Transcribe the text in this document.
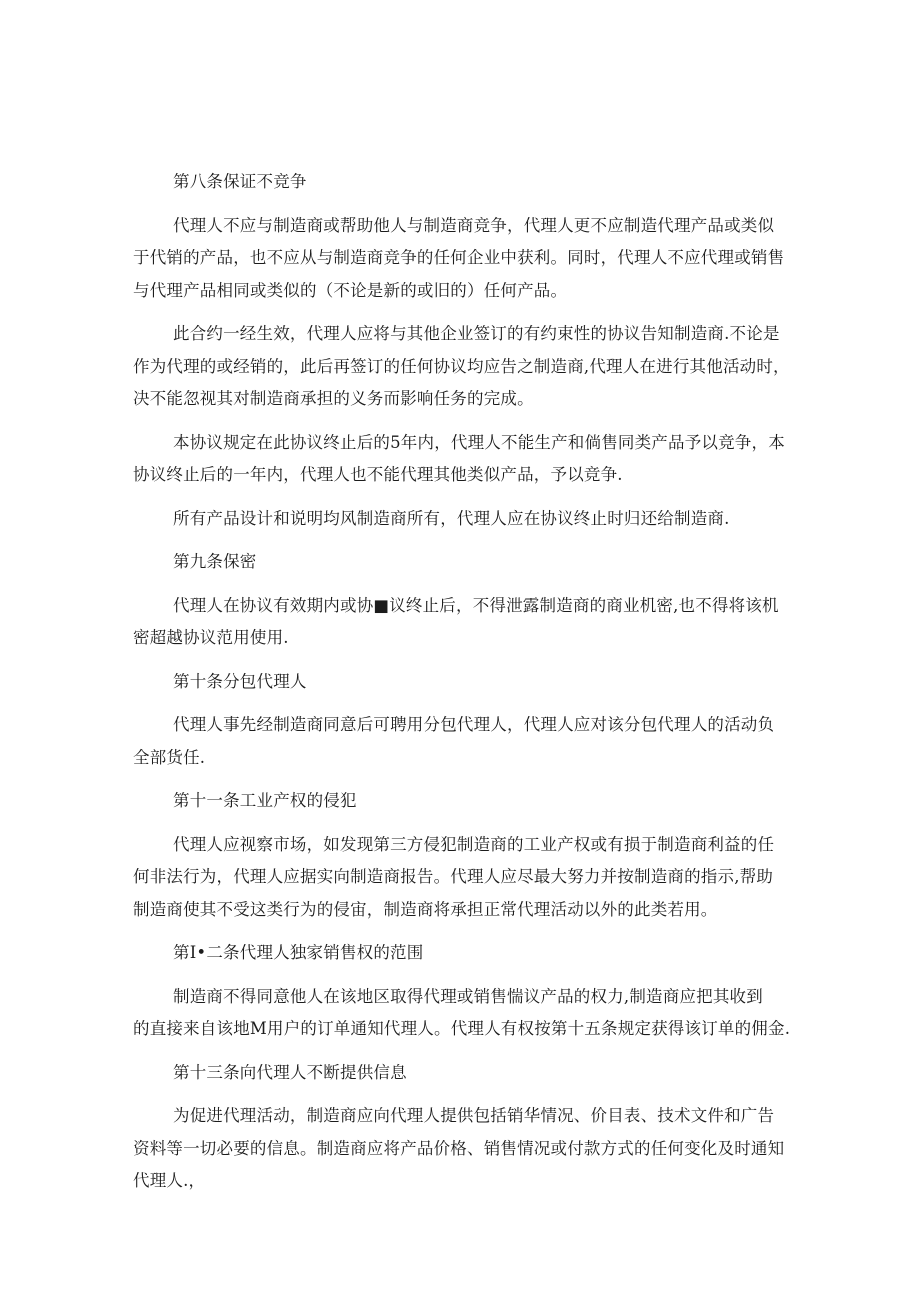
第八条保证不竞争

代理人不应与制造商或帮助他人与制造商竞争，代理人更不应制造代理产品或类似
于代销的产品，也不应从与制造商竞争的任何企业中获利。同时，代理人不应代理或销售
与代理产品相同或类似的（不论是新的或旧的）任何产品。

此合约一经生效，代理人应将与其他企业签订的有约束性的协议告知制造商.不论是
作为代理的或经销的，此后再签订的任何协议均应告之制造商,代理人在进行其他活动时，
决不能忽视其对制造商承担的义务而影响任务的完成。

本协议规定在此协议终止后的5年内，代理人不能生产和倘售同类产品予以竞争，本
协议终止后的一年内，代理人也不能代理其他类似产品，予以竞争.

所有产品设计和说明均风制造商所有，代理人应在协议终止时归还给制造商.

第九条保密

代理人在协议有效期内或协■议终止后，不得泄露制造商的商业机密,也不得将该机
密超越协议范用使用.

第十条分包代理人

代理人事先经制造商同意后可聘用分包代理人，代理人应对该分包代理人的活动负
全部货任.

第十一条工业产权的侵犯

代理人应视察市场，如发现第三方侵犯制造商的工业产权或有损于制造商利益的任
何非法行为，代理人应据实向制造商报告。代理人应尽最大努力并按制造商的指示,帮助
制造商使其不受这类行为的侵宙，制造商将承担正常代理活动以外的此类若用。

第I•二条代理人独家销售权的范围

制造商不得同意他人在该地区取得代理或销售惴议产品的权力,制造商应把其收到
的直接来自该地M用户的订单通知代理人。代理人有权按第十五条规定获得该订单的佣金.

第十三条向代理人不断提供信息

为促进代理活动，制造商应向代理人提供包括销华情况、价目表、技术文件和广告
资料等一切必要的信息。制造商应将产品价格、销售情况或付款方式的任何变化及时通知
代理人.，
